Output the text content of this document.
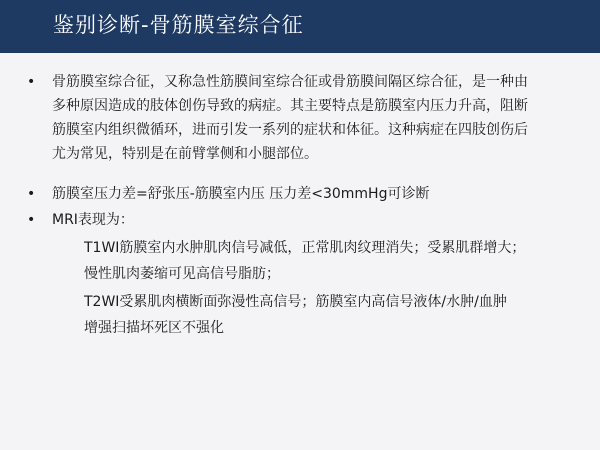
鉴别诊断-骨筋膜室综合征
• 骨筋膜室综合征，又称急性筋膜间室综合征或骨筋膜间隔区综合征，是一种由
多种原因造成的肢体创伤导致的病症。其主要特点是筋膜室内压力升高，阻断
筋膜室内组织微循环，进而引发一系列的症状和体征。这种病症在四肢创伤后
尤为常见，特别是在前臂掌侧和小腿部位。
• 筋膜室压力差=舒张压-筋膜室内压 压力差<30mmHg可诊断
• MRI表现为：
T1WI筋膜室内水肿肌肉信号减低，正常肌肉纹理消失；受累肌群增大；
慢性肌肉萎缩可见高信号脂肪；
T2WI受累肌肉横断面弥漫性高信号；筋膜室内高信号液体/水肿/血肿
增强扫描坏死区不强化
